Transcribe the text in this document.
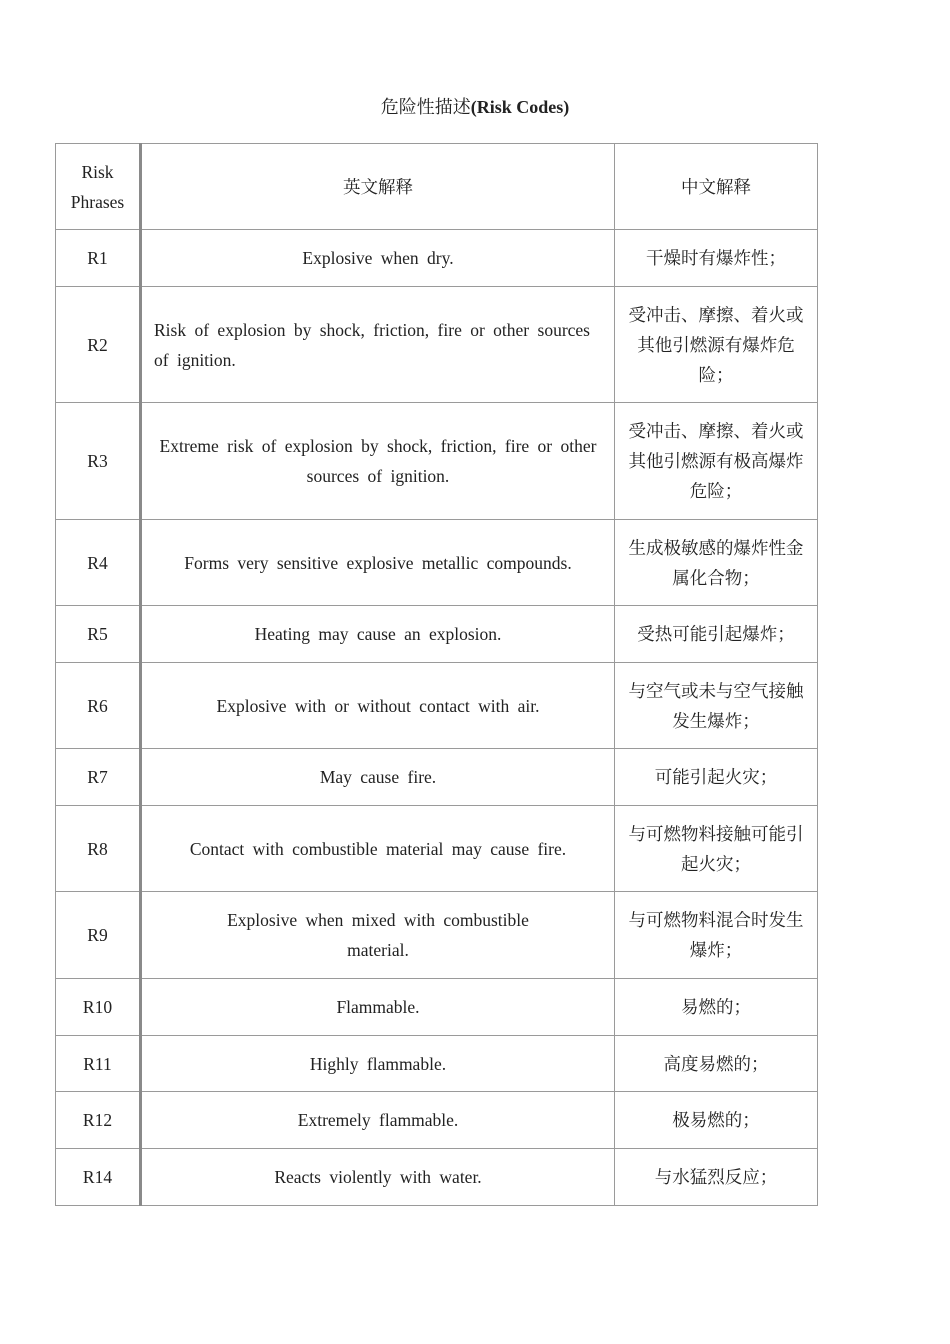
危险性描述(Risk Codes)
Risk Phrases	英文解释	中文解释
R1	Explosive when dry.	干燥时有爆炸性；
R2	Risk of explosion by shock, friction, fire or other sources of ignition.	受冲击、摩擦、着火或其他引燃源有爆炸危险；
R3	Extreme risk of explosion by shock, friction, fire or other sources of ignition.	受冲击、摩擦、着火或其他引燃源有极高爆炸危险；
R4	Forms very sensitive explosive metallic compounds.	生成极敏感的爆炸性金属化合物；
R5	Heating may cause an explosion.	受热可能引起爆炸；
R6	Explosive with or without contact with air.	与空气或未与空气接触发生爆炸；
R7	May cause fire.	可能引起火灾；
R8	Contact with combustible material may cause fire.	与可燃物料接触可能引起火灾；
R9	Explosive when mixed with combustible material.	与可燃物料混合时发生爆炸；
R10	Flammable.	易燃的；
R11	Highly flammable.	高度易燃的；
R12	Extremely flammable.	极易燃的；
R14	Reacts violently with water.	与水猛烈反应；
